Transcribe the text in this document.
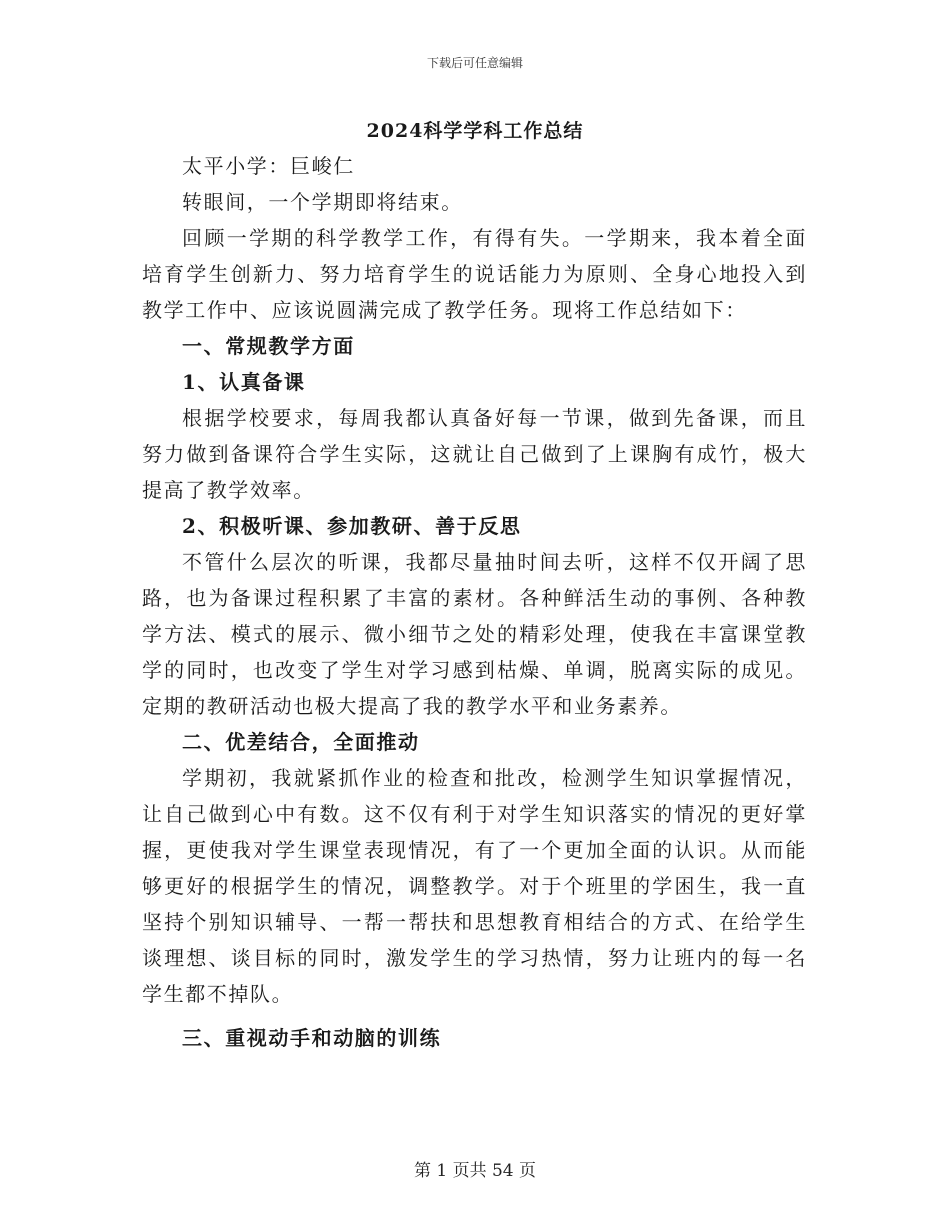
下载后可任意编辑
2024科学学科工作总结

太平小学：巨峻仁

转眼间，一个学期即将结束。

回顾一学期的科学教学工作，有得有失。一学期来，我本着全面培育学生创新力、努力培育学生的说话能力为原则、全身心地投入到教学工作中、应该说圆满完成了教学任务。现将工作总结如下：

一、常规教学方面

1、认真备课

根据学校要求，每周我都认真备好每一节课，做到先备课，而且努力做到备课符合学生实际，这就让自己做到了上课胸有成竹，极大提高了教学效率。

2、积极听课、参加教研、善于反思

不管什么层次的听课，我都尽量抽时间去听，这样不仅开阔了思路，也为备课过程积累了丰富的素材。各种鲜活生动的事例、各种教学方法、模式的展示、微小细节之处的精彩处理，使我在丰富课堂教学的同时，也改变了学生对学习感到枯燥、单调，脱离实际的成见。定期的教研活动也极大提高了我的教学水平和业务素养。

二、优差结合，全面推动

学期初，我就紧抓作业的检查和批改，检测学生知识掌握情况，让自己做到心中有数。这不仅有利于对学生知识落实的情况的更好掌握，更使我对学生课堂表现情况，有了一个更加全面的认识。从而能够更好的根据学生的情况，调整教学。对于个班里的学困生，我一直坚持个别知识辅导、一帮一帮扶和思想教育相结合的方式、在给学生谈理想、谈目标的同时，激发学生的学习热情，努力让班内的每一名学生都不掉队。

三、重视动手和动脑的训练

第 1 页共 54 页
